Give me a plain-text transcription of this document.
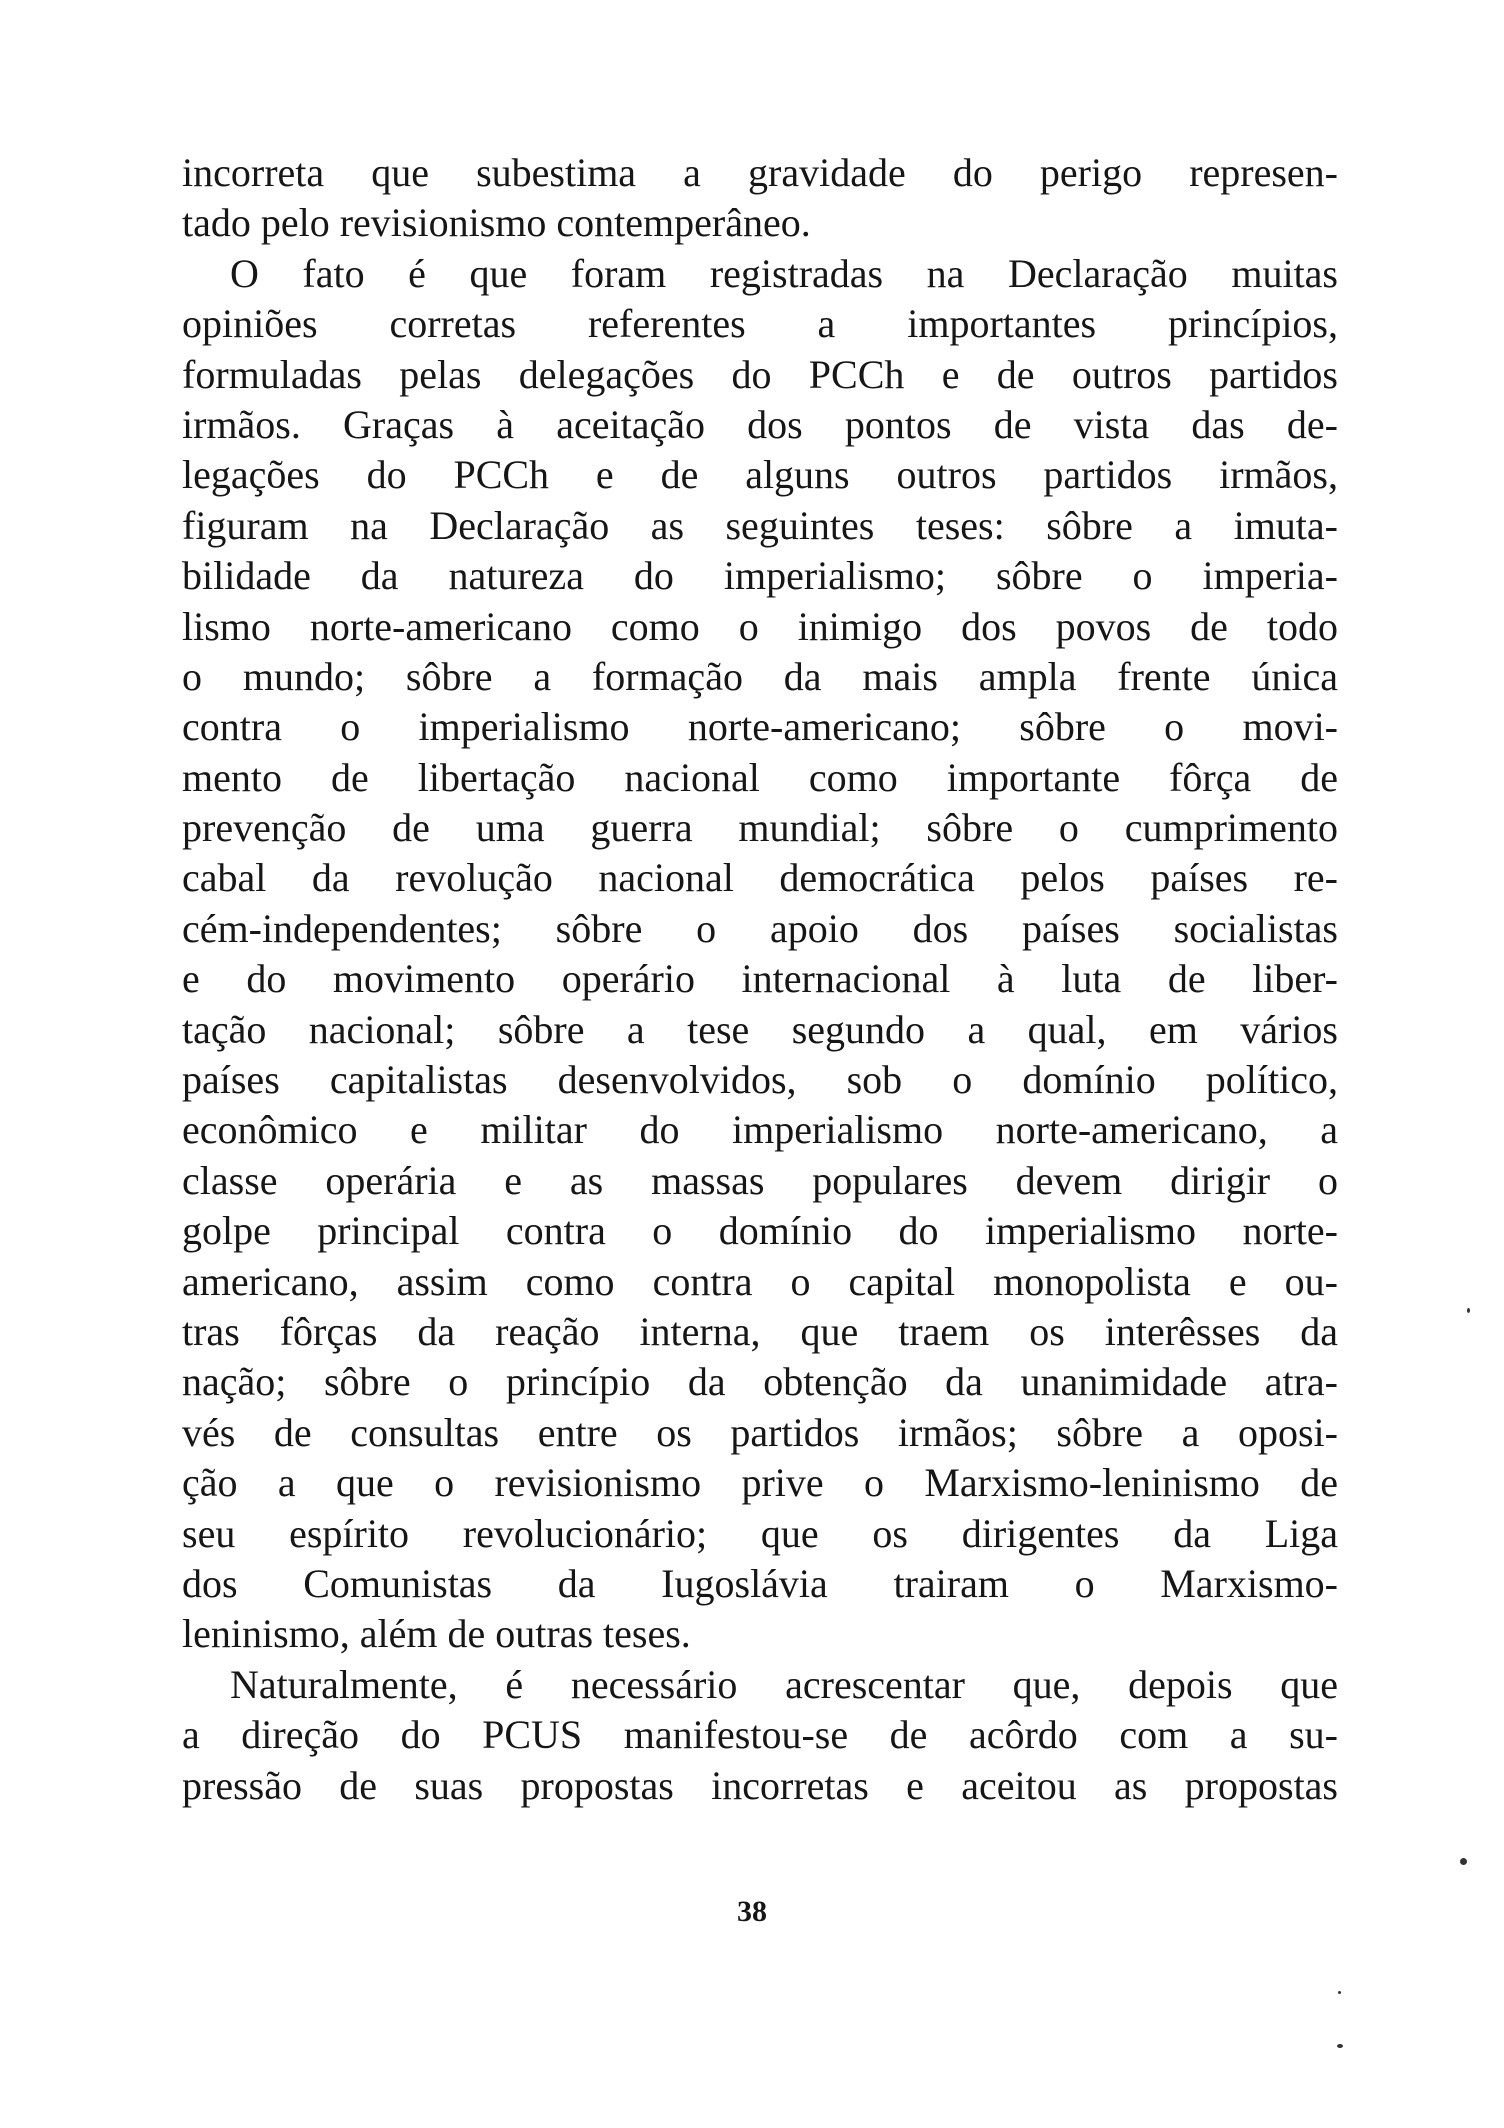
incorreta que subestima a gravidade do perigo represen-
tado pelo revisionismo contemperâneo.
O fato é que foram registradas na Declaração muitas
opiniões corretas referentes a importantes princípios,
formuladas pelas delegações do PCCh e de outros partidos
irmãos. Graças à aceitação dos pontos de vista das de-
legações do PCCh e de alguns outros partidos irmãos,
figuram na Declaração as seguintes teses: sôbre a imuta-
bilidade da natureza do imperialismo; sôbre o imperia-
lismo norte-americano como o inimigo dos povos de todo
o mundo; sôbre a formação da mais ampla frente única
contra o imperialismo norte-americano; sôbre o movi-
mento de libertação nacional como importante fôrça de
prevenção de uma guerra mundial; sôbre o cumprimento
cabal da revolução nacional democrática pelos países re-
cém-independentes; sôbre o apoio dos países socialistas
e do movimento operário internacional à luta de liber-
tação nacional; sôbre a tese segundo a qual, em vários
países capitalistas desenvolvidos, sob o domínio político,
econômico e militar do imperialismo norte-americano, a
classe operária e as massas populares devem dirigir o
golpe principal contra o domínio do imperialismo norte-
americano, assim como contra o capital monopolista e ou-
tras fôrças da reação interna, que traem os interêsses da
nação; sôbre o princípio da obtenção da unanimidade atra-
vés de consultas entre os partidos irmãos; sôbre a oposi-
ção a que o revisionismo prive o Marxismo-leninismo de
seu espírito revolucionário; que os dirigentes da Liga
dos Comunistas da Iugoslávia trairam o Marxismo-
leninismo, além de outras teses.
Naturalmente, é necessário acrescentar que, depois que
a direção do PCUS manifestou-se de acôrdo com a su-
pressão de suas propostas incorretas e aceitou as propostas
38
